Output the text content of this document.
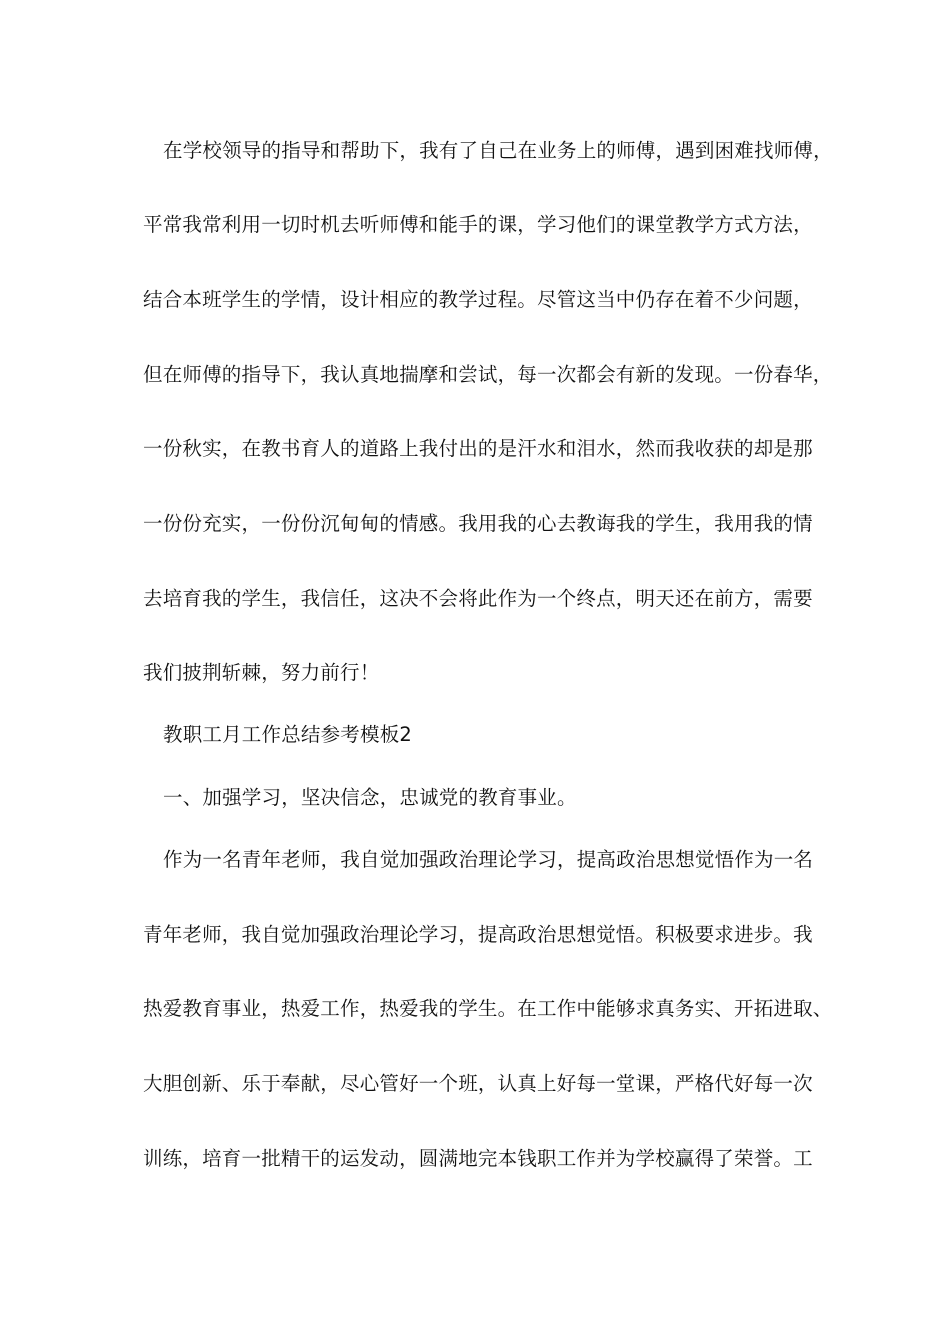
在学校领导的指导和帮助下，我有了自己在业务上的师傅，遇到困难找师傅，
平常我常利用一切时机去听师傅和能手的课，学习他们的课堂教学方式方法，
结合本班学生的学情，设计相应的教学过程。尽管这当中仍存在着不少问题，
但在师傅的指导下，我认真地揣摩和尝试，每一次都会有新的发现。一份春华，
一份秋实，在教书育人的道路上我付出的是汗水和泪水，然而我收获的却是那
一份份充实，一份份沉甸甸的情感。我用我的心去教诲我的学生，我用我的情
去培育我的学生，我信任，这决不会将此作为一个终点，明天还在前方，需要
我们披荆斩棘，努力前行！
教职工月工作总结参考模板2
一、加强学习，坚决信念，忠诚党的教育事业。
作为一名青年老师，我自觉加强政治理论学习，提高政治思想觉悟作为一名
青年老师，我自觉加强政治理论学习，提高政治思想觉悟。积极要求进步。我
热爱教育事业，热爱工作，热爱我的学生。在工作中能够求真务实、开拓进取、
大胆创新、乐于奉献，尽心管好一个班，认真上好每一堂课，严格代好每一次
训练，培育一批精干的运发动，圆满地完本钱职工作并为学校赢得了荣誉。工
